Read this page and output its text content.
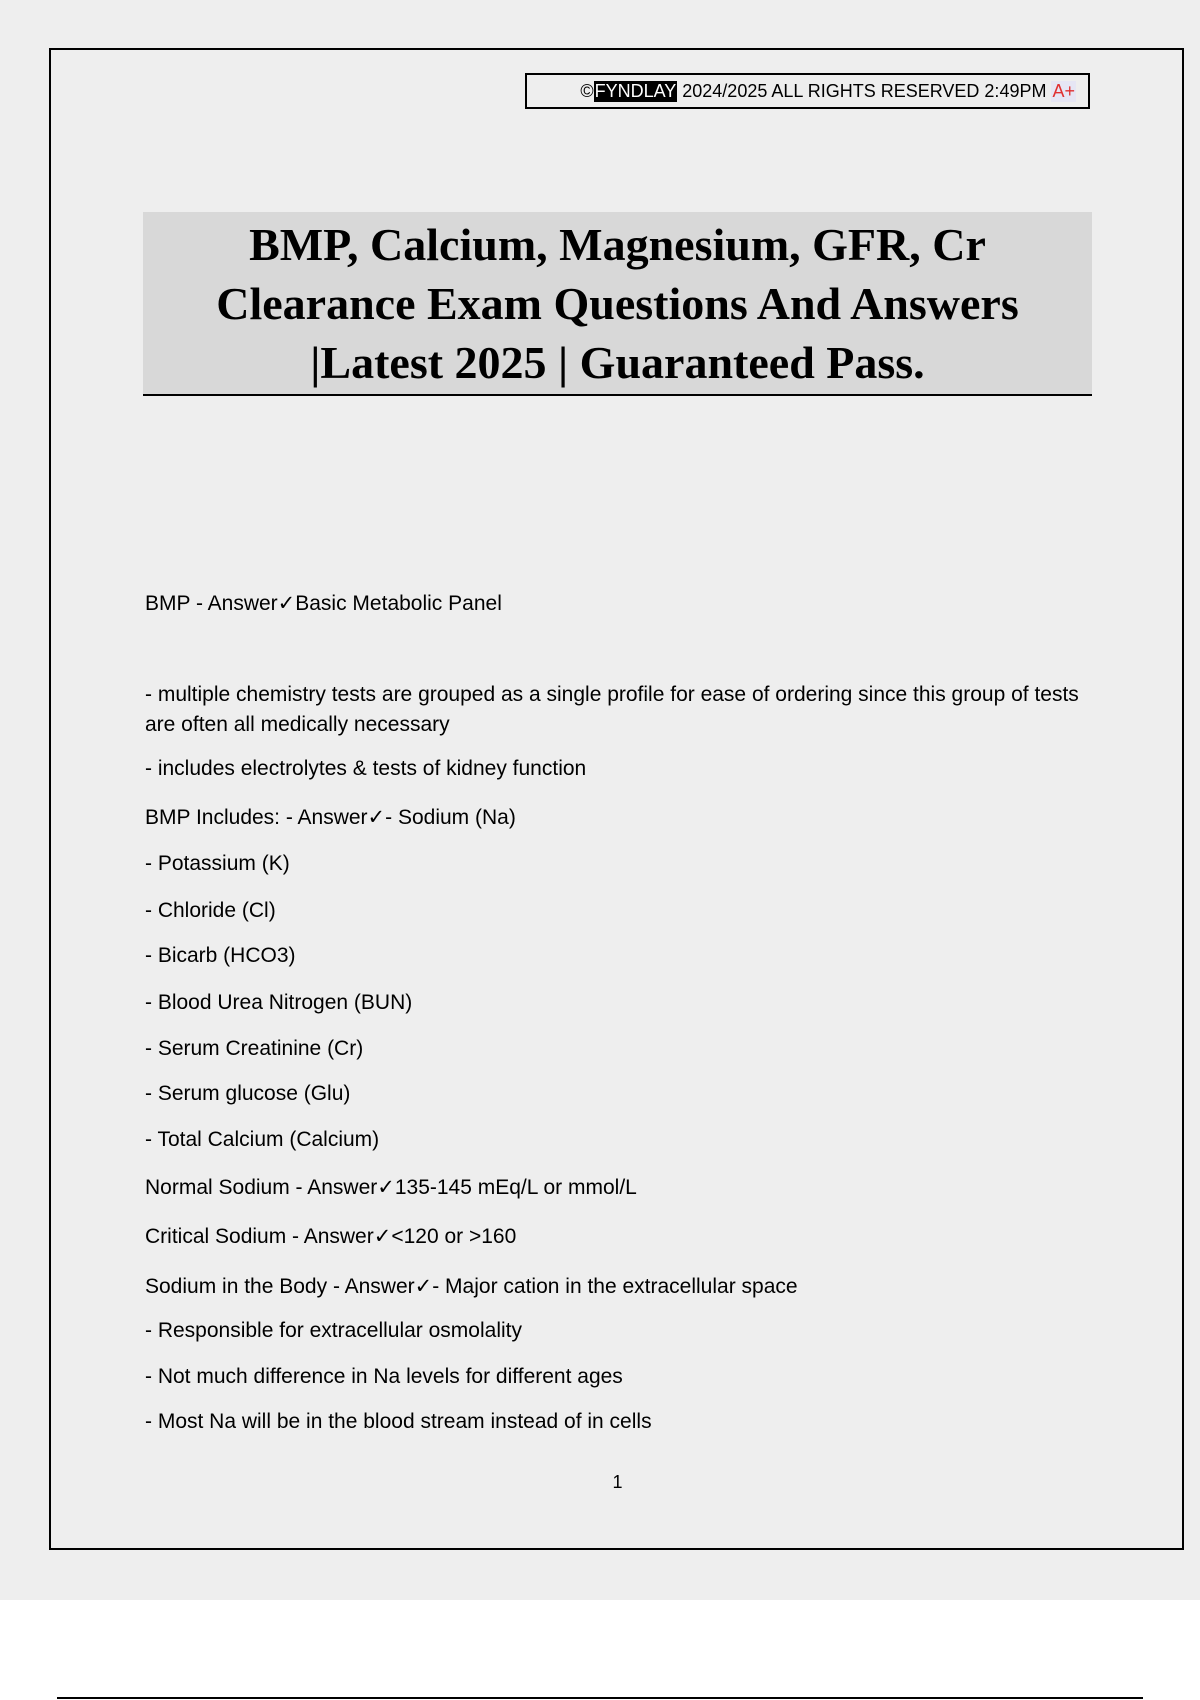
© FYNDLAY 2024/2025 ALL RIGHTS RESERVED 2:49PM A+
BMP, Calcium, Magnesium, GFR, Cr
Clearance Exam Questions And Answers
|Latest 2025 | Guaranteed Pass.
BMP - Answer✓Basic Metabolic Panel
- multiple chemistry tests are grouped as a single profile for ease of ordering since this group of tests are often all medically necessary
- includes electrolytes & tests of kidney function
BMP Includes: - Answer✓- Sodium (Na)
- Potassium (K)
- Chloride (Cl)
- Bicarb (HCO3)
- Blood Urea Nitrogen (BUN)
- Serum Creatinine (Cr)
- Serum glucose (Glu)
- Total Calcium (Calcium)
Normal Sodium - Answer✓135-145 mEq/L or mmol/L
Critical Sodium - Answer✓<120 or >160
Sodium in the Body - Answer✓- Major cation in the extracellular space
- Responsible for extracellular osmolality
- Not much difference in Na levels for different ages
- Most Na will be in the blood stream instead of in cells
1
